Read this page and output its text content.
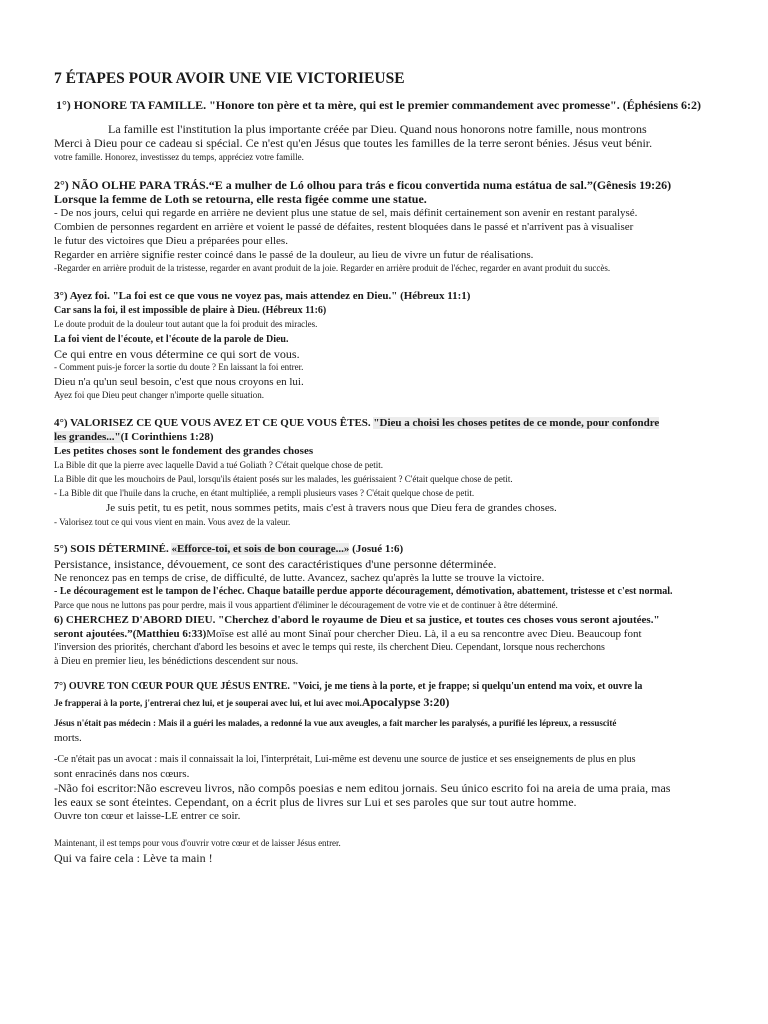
7 ÉTAPES POUR AVOIR UNE VIE VICTORIEUSE
1°) HONORE TA FAMILLE. "Honore ton père et ta mère, qui est le premier commandement avec promesse". (Éphésiens 6:2)
La famille est l'institution la plus importante créée par Dieu. Quand nous honorons notre famille, nous montrons
Merci à Dieu pour ce cadeau si spécial. Ce n'est qu'en Jésus que toutes les familles de la terre seront bénies. Jésus veut bénir.
votre famille. Honorez, investissez du temps, appréciez votre famille.
2°) NÃO OLHE PARA TRÁS.“E a mulher de Ló olhou para trás e ficou convertida numa estátua de sal.”(Gênesis 19:26)
Lorsque la femme de Loth se retourna, elle resta figée comme une statue.
- De nos jours, celui qui regarde en arrière ne devient plus une statue de sel, mais définit certainement son avenir en restant paralysé.
Combien de personnes regardent en arrière et voient le passé de défaites, restent bloquées dans le passé et n'arrivent pas à visualiser
le futur des victoires que Dieu a préparées pour elles.
Regarder en arrière signifie rester coincé dans le passé de la douleur, au lieu de vivre un futur de réalisations.
-Regarder en arrière produit de la tristesse, regarder en avant produit de la joie. Regarder en arrière produit de l'échec, regarder en avant produit du succès.
3°) Ayez foi. "La foi est ce que vous ne voyez pas, mais attendez en Dieu." (Hébreux 11:1)
Car sans la foi, il est impossible de plaire à Dieu. (Hébreux 11:6)
Le doute produit de la douleur tout autant que la foi produit des miracles.
La foi vient de l'écoute, et l'écoute de la parole de Dieu.
Ce qui entre en vous détermine ce qui sort de vous.
- Comment puis-je forcer la sortie du doute ? En laissant la foi entrer.
Dieu n'a qu'un seul besoin, c'est que nous croyons en lui.
Ayez foi que Dieu peut changer n'importe quelle situation.
4°) VALORISEZ CE QUE VOUS AVEZ ET CE QUE VOUS ÊTES. "Dieu a choisi les choses petites de ce monde, pour confondre
les grandes..."(I Corinthiens 1:28)
Les petites choses sont le fondement des grandes choses
La Bible dit que la pierre avec laquelle David a tué Goliath ? C'était quelque chose de petit.
La Bible dit que les mouchoirs de Paul, lorsqu'ils étaient posés sur les malades, les guérissaient ? C'était quelque chose de petit.
- La Bible dit que l'huile dans la cruche, en étant multipliée, a rempli plusieurs vases ? C'était quelque chose de petit.
Je suis petit, tu es petit, nous sommes petits, mais c'est à travers nous que Dieu fera de grandes choses.
- Valorisez tout ce qui vous vient en main. Vous avez de la valeur.
5°) SOIS DÉTERMINÉ. «Efforce-toi, et sois de bon courage...» (Josué 1:6)
Persistance, insistance, dévouement, ce sont des caractéristiques d'une personne déterminée.
Ne renoncez pas en temps de crise, de difficulté, de lutte. Avancez, sachez qu'après la lutte se trouve la victoire.
- Le découragement est le tampon de l'échec. Chaque bataille perdue apporte découragement, démotivation, abattement, tristesse et c'est normal.
Parce que nous ne luttons pas pour perdre, mais il vous appartient d'éliminer le découragement de votre vie et de continuer à être déterminé.
6) CHERCHEZ D'ABORD DIEU. "Cherchez d'abord le royaume de Dieu et sa justice, et toutes ces choses vous seront ajoutées."
seront ajoutées.”(Matthieu 6:33)Moïse est allé au mont Sinaï pour chercher Dieu. Là, il a eu sa rencontre avec Dieu. Beaucoup font
l'inversion des priorités, cherchant d'abord les besoins et avec le temps qui reste, ils cherchent Dieu. Cependant, lorsque nous recherchons
à Dieu en premier lieu, les bénédictions descendent sur nous.
7°) OUVRE TON CŒUR POUR QUE JÉSUS ENTRE. "Voici, je me tiens à la porte, et je frappe; si quelqu'un entend ma voix, et ouvre la
Je frapperai à la porte, j'entrerai chez lui, et je souperai avec lui, et lui avec moi.Apocalypse 3:20)
Jésus n'était pas médecin : Mais il a guéri les malades, a redonné la vue aux aveugles, a fait marcher les paralysés, a purifié les lépreux, a ressuscité
morts.
-Ce n'était pas un avocat : mais il connaissait la loi, l'interprétait, Lui-même est devenu une source de justice et ses enseignements de plus en plus
sont enracinés dans nos cœurs.
-Não foi escritor:Não escreveu livros, não compôs poesias e nem editou jornais. Seu único escrito foi na areia de uma praia, mas
les eaux se sont éteintes. Cependant, on a écrit plus de livres sur Lui et ses paroles que sur tout autre homme.
Ouvre ton cœur et laisse-LE entrer ce soir.
Maintenant, il est temps pour vous d'ouvrir votre cœur et de laisser Jésus entrer.
Qui va faire cela : Lève ta main !
